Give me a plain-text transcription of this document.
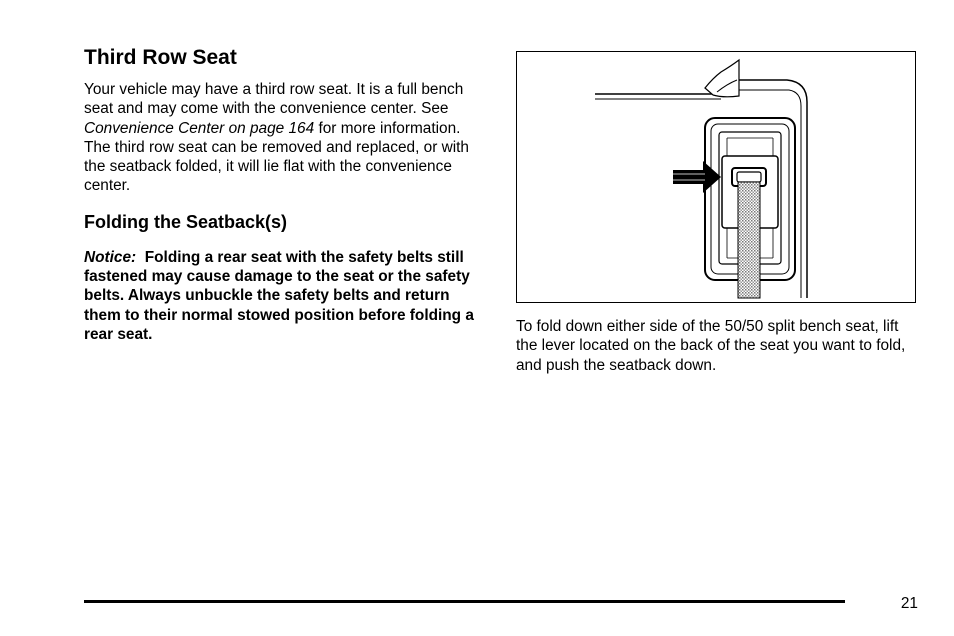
Third Row Seat

Your vehicle may have a third row seat. It is a full bench seat and may come with the convenience center. See Convenience Center on page 164 for more information. The third row seat can be removed and replaced, or with the seatback folded, it will lie flat with the convenience center.

Folding the Seatback(s)

Notice: Folding a rear seat with the safety belts still fastened may cause damage to the seat or the safety belts. Always unbuckle the safety belts and return them to their normal stowed position before folding a rear seat.	To fold down either side of the 50/50 split bench seat, lift the lever located on the back of the seat you want to fold, and push the seatback down.

21
